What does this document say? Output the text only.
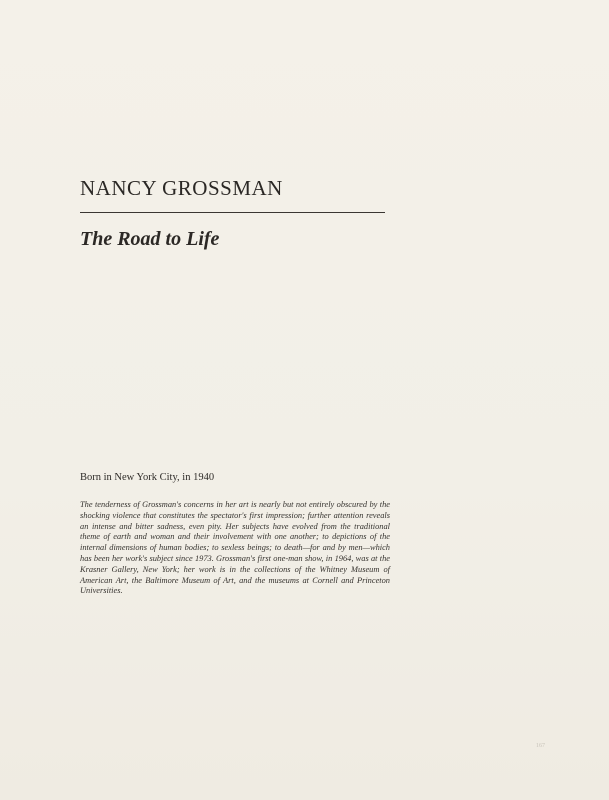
NANCY GROSSMAN
The Road to Life
Born in New York City, in 1940

The tenderness of Grossman's concerns in her art is nearly but not entirely obscured by the shocking violence that constitutes the spectator's first impression; further attention reveals an intense and bitter sadness, even pity. Her subjects have evolved from the traditional theme of earth and woman and their involvement with one another; to depictions of the internal dimensions of human bodies; to sexless beings; to death—for and by men—which has been her work's subject since 1973. Grossman's first one-man show, in 1964, was at the Krasner Gallery, New York; her work is in the collections of the Whitney Museum of American Art, the Baltimore Museum of Art, and the museums at Cornell and Princeton Universities.

167
